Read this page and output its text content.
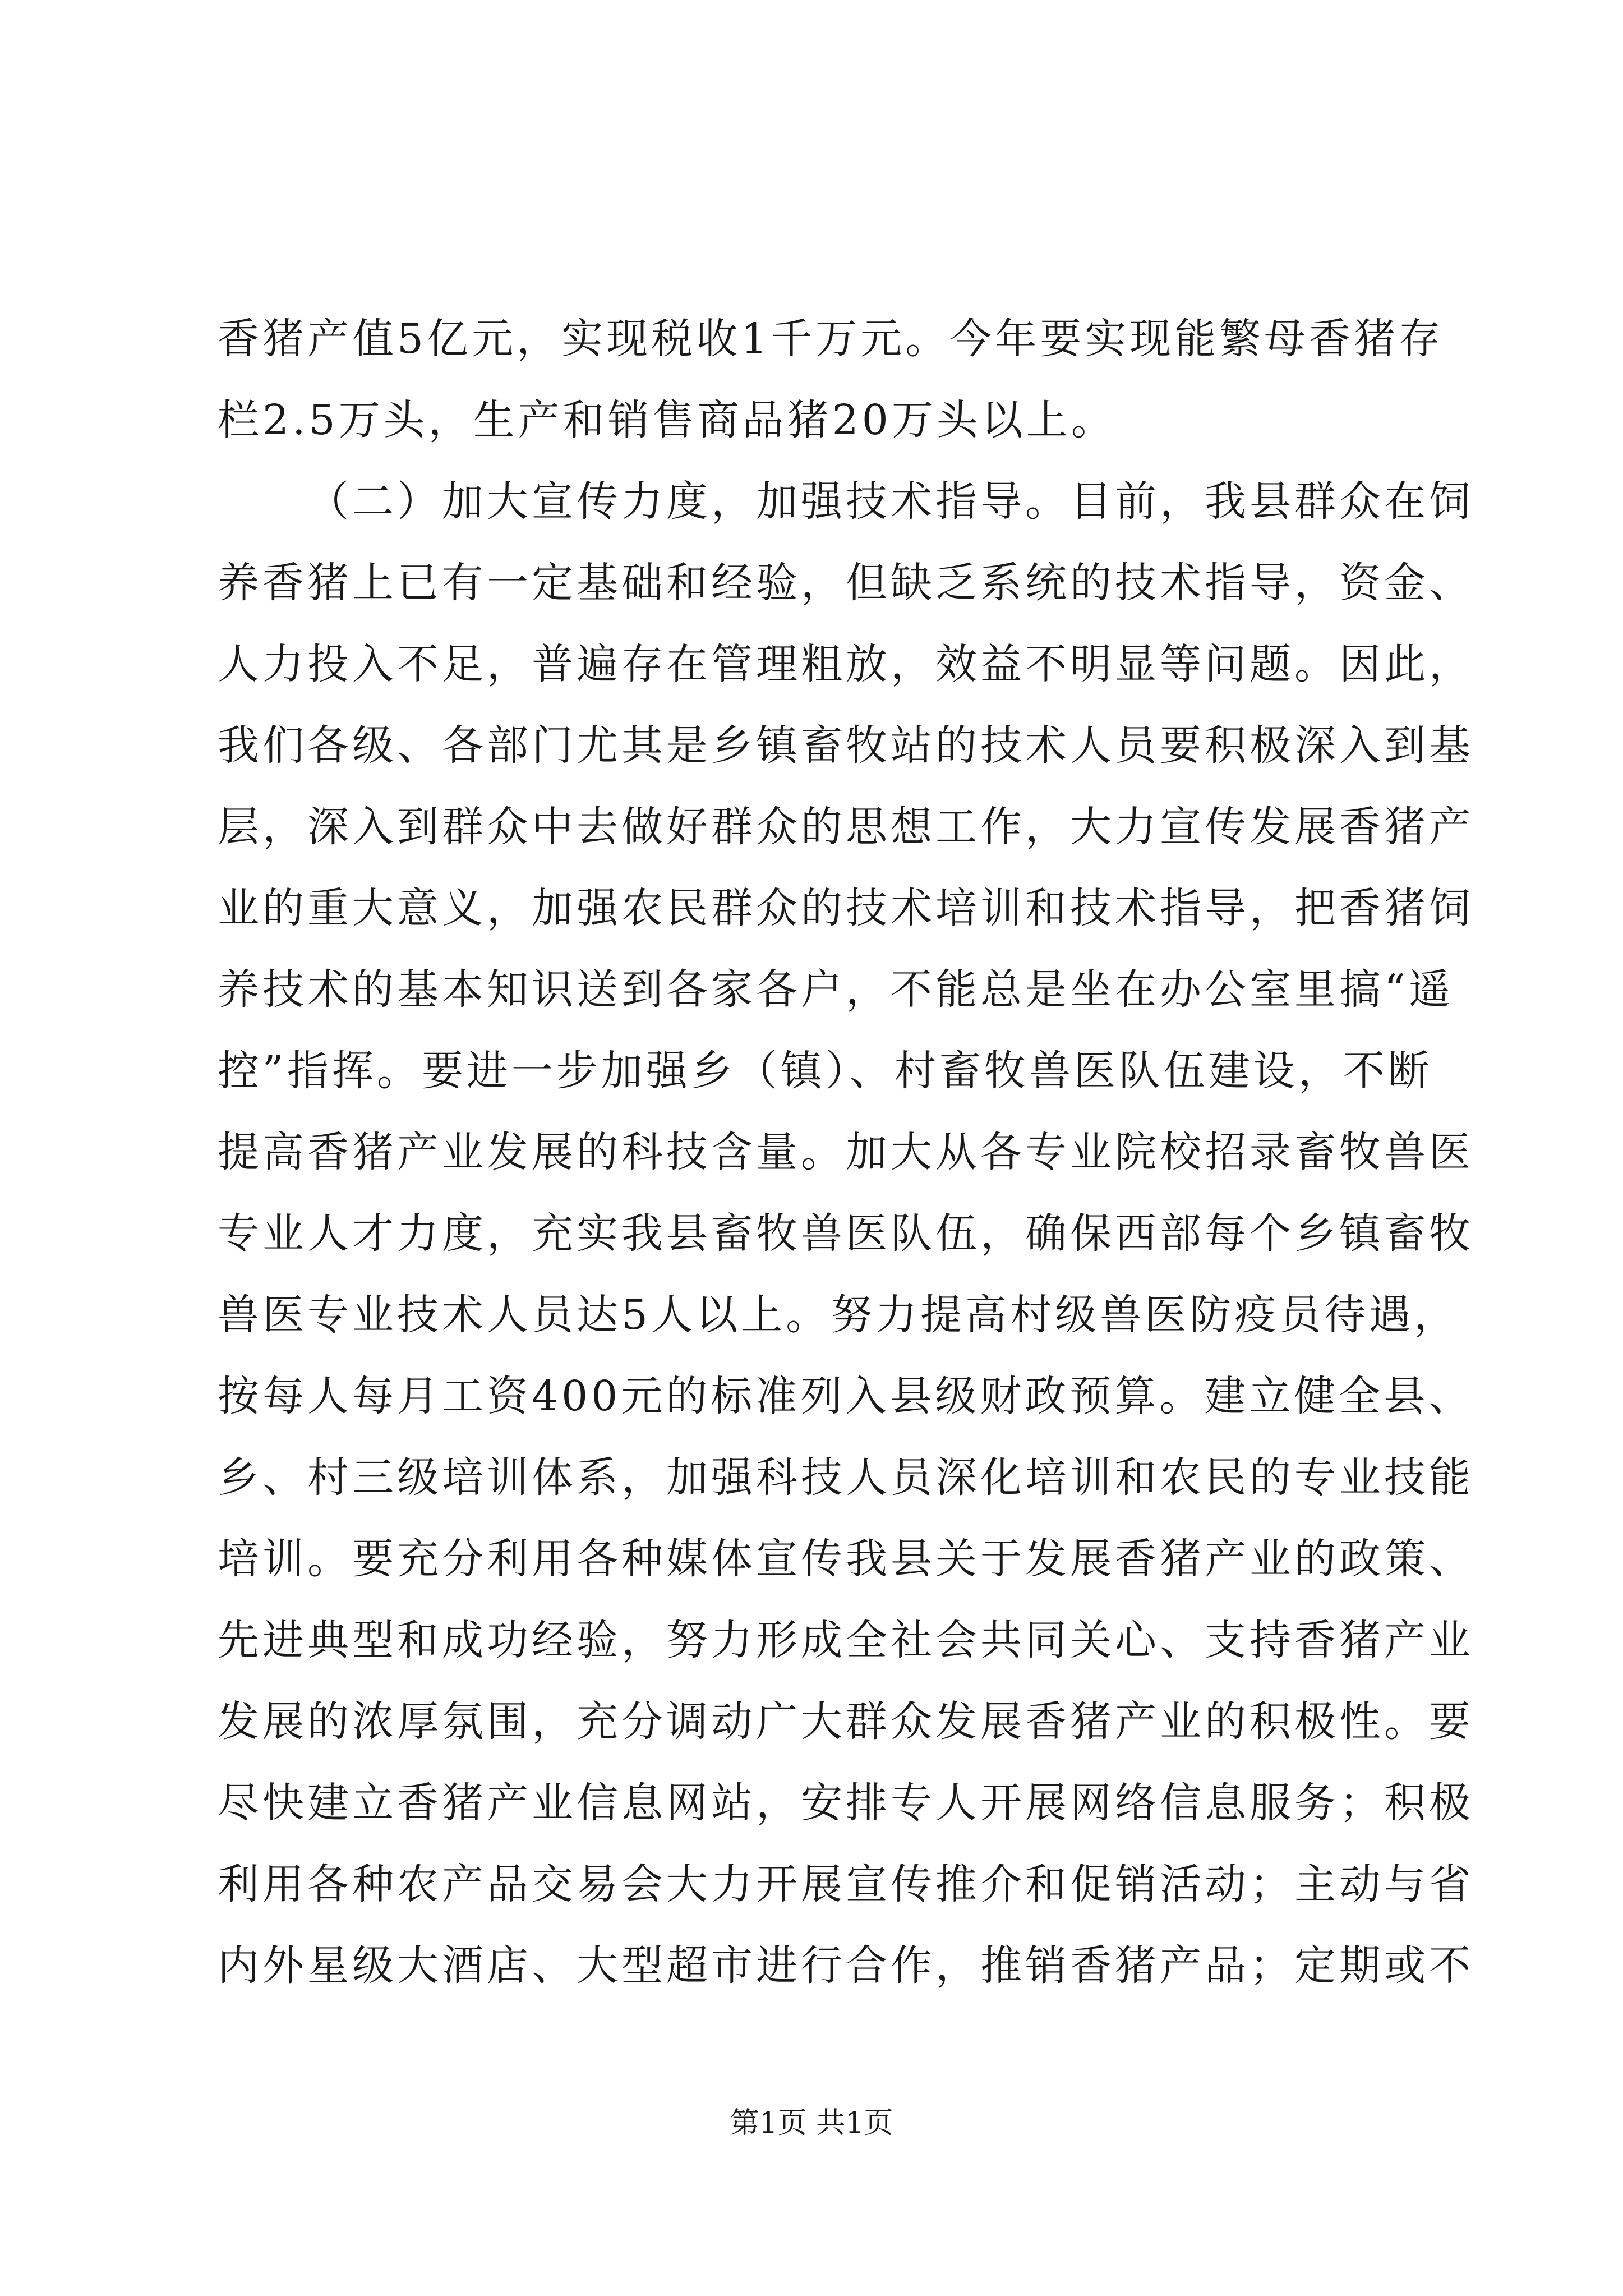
香猪产值5亿元，实现税收1千万元。今年要实现能繁母香猪存
栏2.5万头，生产和销售商品猪20万头以上。
（二）加大宣传力度，加强技术指导。目前，我县群众在饲
养香猪上已有一定基础和经验，但缺乏系统的技术指导，资金、
人力投入不足，普遍存在管理粗放，效益不明显等问题。因此，
我们各级、各部门尤其是乡镇畜牧站的技术人员要积极深入到基
层，深入到群众中去做好群众的思想工作，大力宣传发展香猪产
业的重大意义，加强农民群众的技术培训和技术指导，把香猪饲
养技术的基本知识送到各家各户，不能总是坐在办公室里搞“遥
控”指挥。要进一步加强乡（镇）、村畜牧兽医队伍建设，不断
提高香猪产业发展的科技含量。加大从各专业院校招录畜牧兽医
专业人才力度，充实我县畜牧兽医队伍，确保西部每个乡镇畜牧
兽医专业技术人员达5人以上。努力提高村级兽医防疫员待遇，
按每人每月工资400元的标准列入县级财政预算。建立健全县、
乡、村三级培训体系，加强科技人员深化培训和农民的专业技能
培训。要充分利用各种媒体宣传我县关于发展香猪产业的政策、
先进典型和成功经验，努力形成全社会共同关心、支持香猪产业
发展的浓厚氛围，充分调动广大群众发展香猪产业的积极性。要
尽快建立香猪产业信息网站，安排专人开展网络信息服务；积极
利用各种农产品交易会大力开展宣传推介和促销活动；主动与省
内外星级大酒店、大型超市进行合作，推销香猪产品；定期或不
第1页 共1页
